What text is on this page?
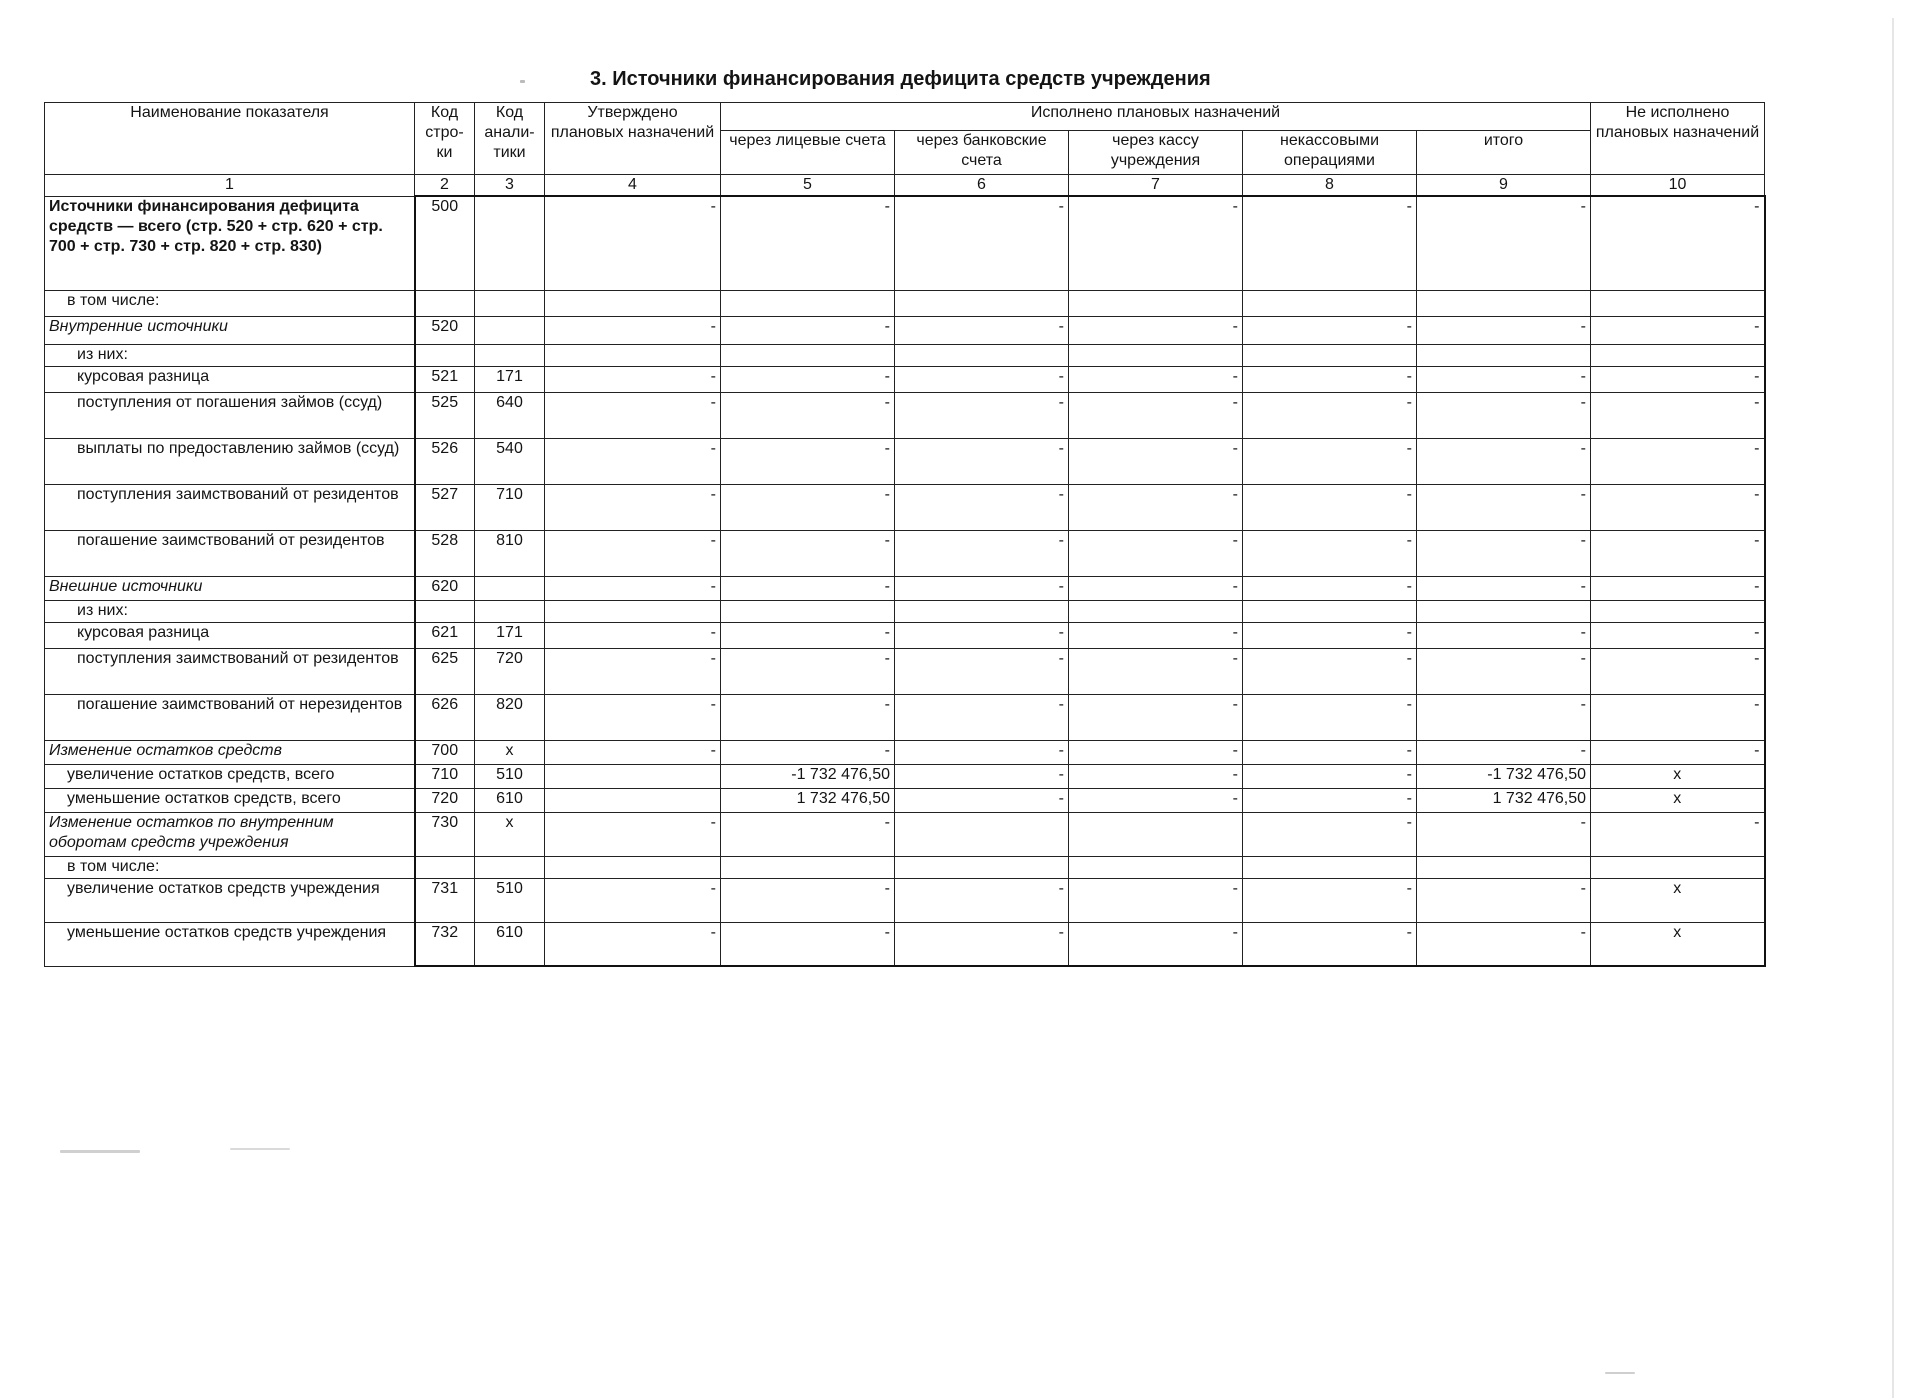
3. Источники финансирования дефицита средств учреждения
Наименование показателя	Код стро-ки	Код анали-тики	Утверждено плановых назначений	Исполнено плановых назначений					Не исполнено плановых назначений
				через лицевые счета	через банковские счета	через кассу учреждения	некассовыми операциями	итого	
1	2	3	4	5	6	7	8	9	10
Источники финансирования дефицита средств — всего (стр. 520 + стр. 620 + стр. 700 + стр. 730 + стр. 820 + стр. 830)	500		-	-	-	-	-	-	-
в том числе:									
Внутренние источники	520		-	-	-	-	-	-	-
из них:									
курсовая разница	521	171	-	-	-	-	-	-	-
поступления от погашения займов (ссуд)	525	640	-	-	-	-	-	-	-
выплаты по предоставлению займов (ссуд)	526	540	-	-	-	-	-	-	-
поступления заимствований от резидентов	527	710	-	-	-	-	-	-	-
погашение заимствований от резидентов	528	810	-	-	-	-	-	-	-
Внешние источники	620		-	-	-	-	-	-	-
из них:									
курсовая разница	621	171	-	-	-	-	-	-	-
поступления заимствований от резидентов	625	720	-	-	-	-	-	-	-
погашение заимствований от нерезидентов	626	820	-	-	-	-	-	-	-
Изменение остатков средств	700	х	-	-	-	-	-	-	-
увеличение остатков средств, всего	710	510		-1 732 476,50	-	-	-	-1 732 476,50	х
уменьшение остатков средств, всего	720	610		1 732 476,50	-	-	-	1 732 476,50	х
Изменение остатков по внутренним оборотам средств учреждения	730	х	-	-			-	-	-
в том числе:									
увеличение остатков средств учреждения	731	510	-	-	-	-	-	-	х
уменьшение остатков средств учреждения	732	610	-	-	-	-	-	-	х
